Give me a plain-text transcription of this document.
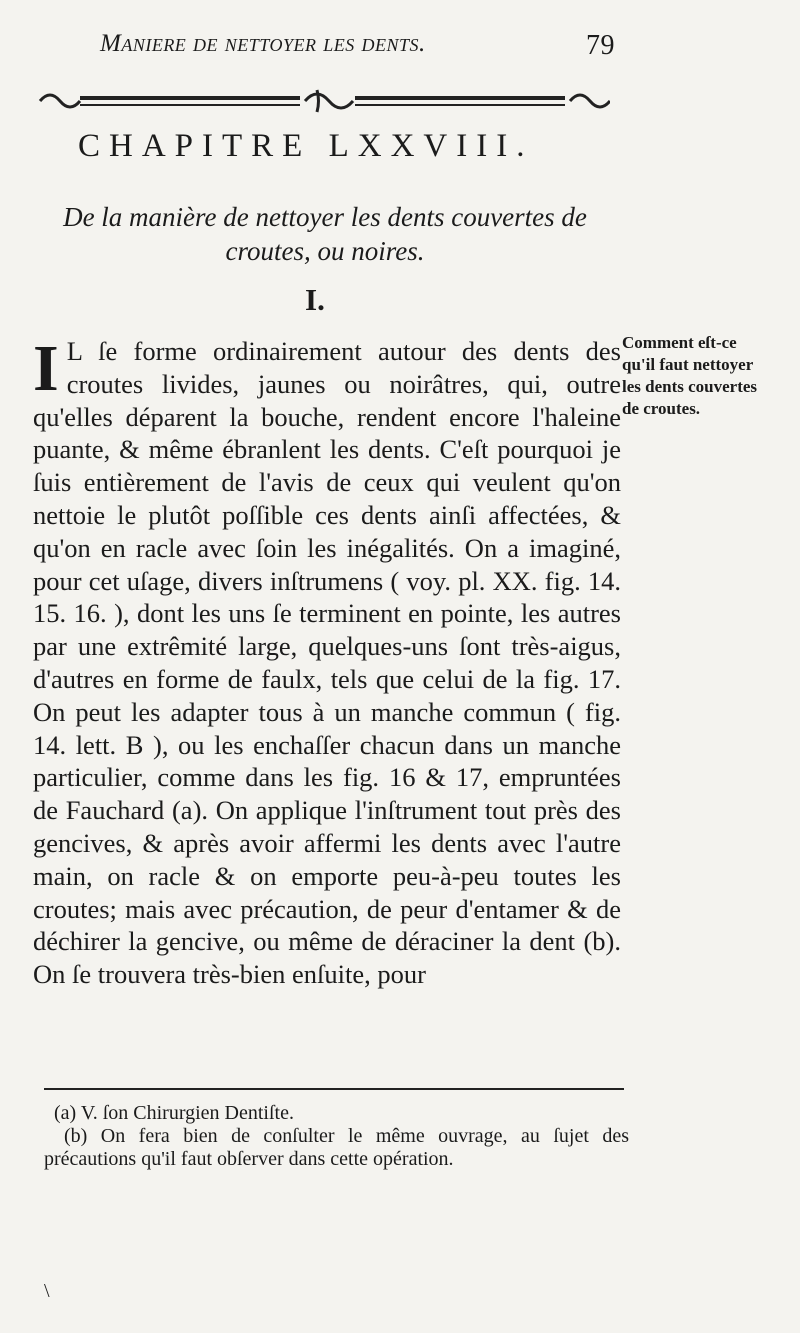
Maniere de nettoyer les dents.	79
CHAPITRE LXXVIII.
De la manière de nettoyer les dents couvertes de croutes, ou noires.
I.

I L ſe forme ordinairement autour des dents des croutes livides, jaunes ou noirâtres, qui, outre qu'elles déparent la bouche, rendent encore l'haleine puante, & même ébranlent les dents. C'eſt pourquoi je ſuis entièrement de l'avis de ceux qui veulent qu'on nettoie le plutôt poſſible ces dents ainſi affectées, & qu'on en racle avec ſoin les inégalités. On a imaginé, pour cet uſage, divers inſtrumens ( voy. pl. XX. fig. 14. 15. 16. ), dont les uns ſe terminent en pointe, les autres par une extrêmité large, quelques-uns ſont très-aigus, d'autres en forme de faulx, tels que celui de la fig. 17. On peut les adapter tous à un manche commun ( fig. 14. lett. B ), ou les enchaſſer chacun dans un manche particulier, comme dans les fig. 16 & 17, empruntées de Fauchard (a). On applique l'inſtrument tout près des gencives, & après avoir affermi les dents avec l'autre main, on racle & on emporte peu-à-peu toutes les croutes; mais avec précaution, de peur d'entamer & de déchirer la gencive, ou même de déraciner la dent (b). On ſe trouvera très-bien enſuite, pour

Comment eſt-ce qu'il faut nettoyer les dents couvertes de croutes.

(a) V. ſon Chirurgien Dentiſte.

(b) On fera bien de conſulter le même ouvrage, au ſujet des précautions qu'il faut obſerver dans cette opération.

\
